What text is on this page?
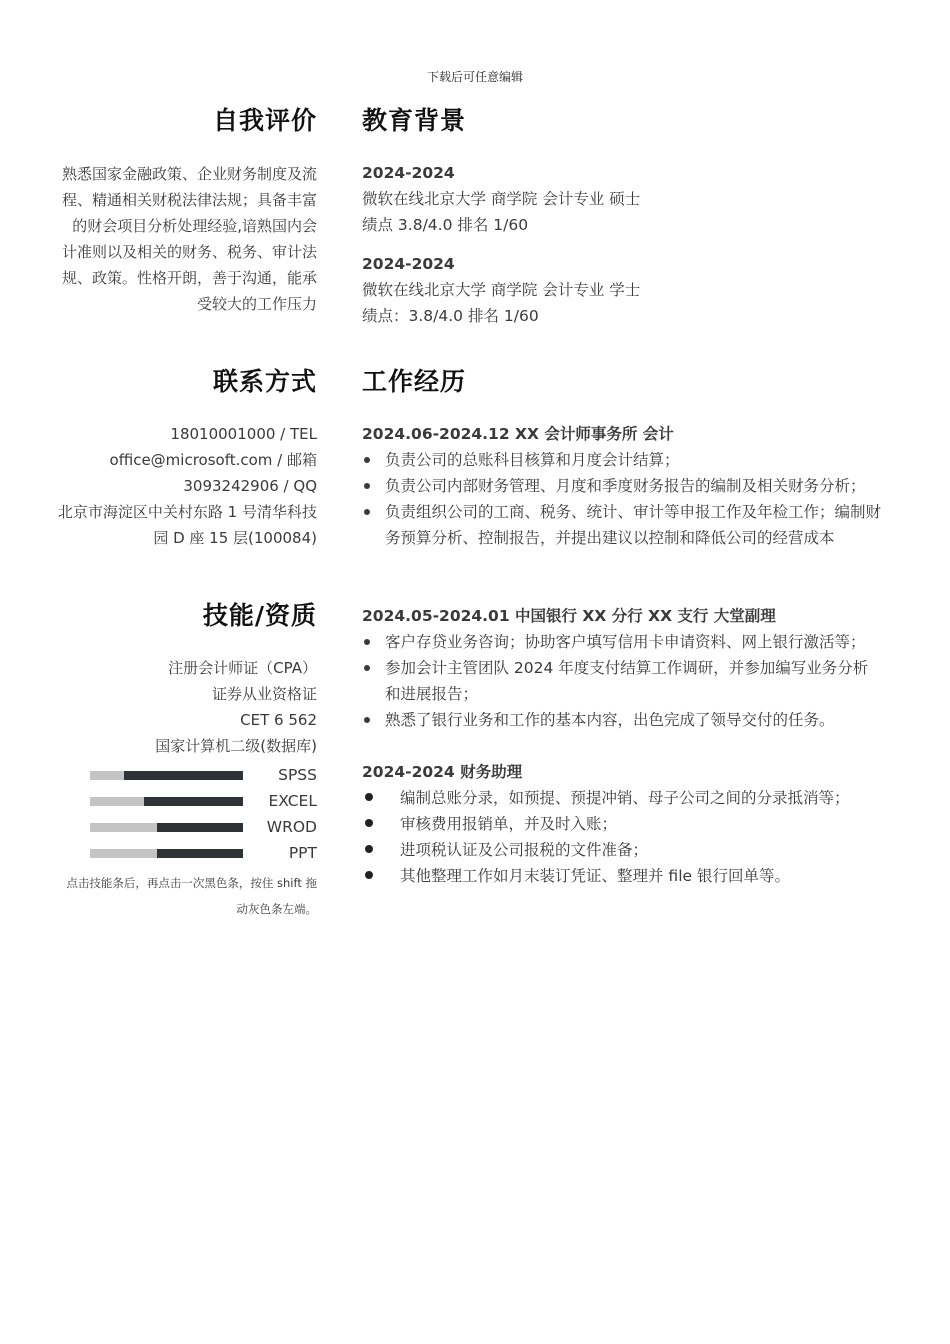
下载后可任意编辑
自我评价
熟悉国家金融政策、企业财务制度及流
程、精通相关财税法律法规；具备丰富
的财会项目分析处理经验,谙熟国内会
计准则以及相关的财务、税务、审计法
规、政策。性格开朗，善于沟通，能承
受较大的工作压力
联系方式
18010001000 / TEL
office@microsoft.com / 邮箱
3093242906 / QQ
北京市海淀区中关村东路 1 号清华科技
园 D 座 15 层(100084)
技能/资质
注册会计师证（CPA）
证券从业资格证
CET 6 562
国家计算机二级(数据库)
SPSS
EXCEL
WROD
PPT
点击技能条后，再点击一次黑色条，按住 shift 拖
动灰色条左端。
教育背景
2024-2024
微软在线北京大学 商学院 会计专业 硕士
绩点 3.8/4.0 排名 1/60
2024-2024
微软在线北京大学 商学院 会计专业 学士
绩点：3.8/4.0 排名 1/60
工作经历
2024.06-2024.12 XX 会计师事务所 会计
负责公司的总账科目核算和月度会计结算；
负责公司内部财务管理、月度和季度财务报告的编制及相关财务分析；
负责组织公司的工商、税务、统计、审计等申报工作及年检工作；编制财务预算分析、控制报告，并提出建议以控制和降低公司的经营成本
2024.05-2024.01 中国银行 XX 分行 XX 支行 大堂副理
客户存贷业务咨询；协助客户填写信用卡申请资料、网上银行激活等；
参加会计主管团队 2024 年度支付结算工作调研，并参加编写业务分析和进展报告；
熟悉了银行业务和工作的基本内容，出色完成了领导交付的任务。
2024-2024 财务助理
编制总账分录，如预提、预提冲销、母子公司之间的分录抵消等；
审核费用报销单，并及时入账；
进项税认证及公司报税的文件准备；
其他整理工作如月末装订凭证、整理并 file 银行回单等。
